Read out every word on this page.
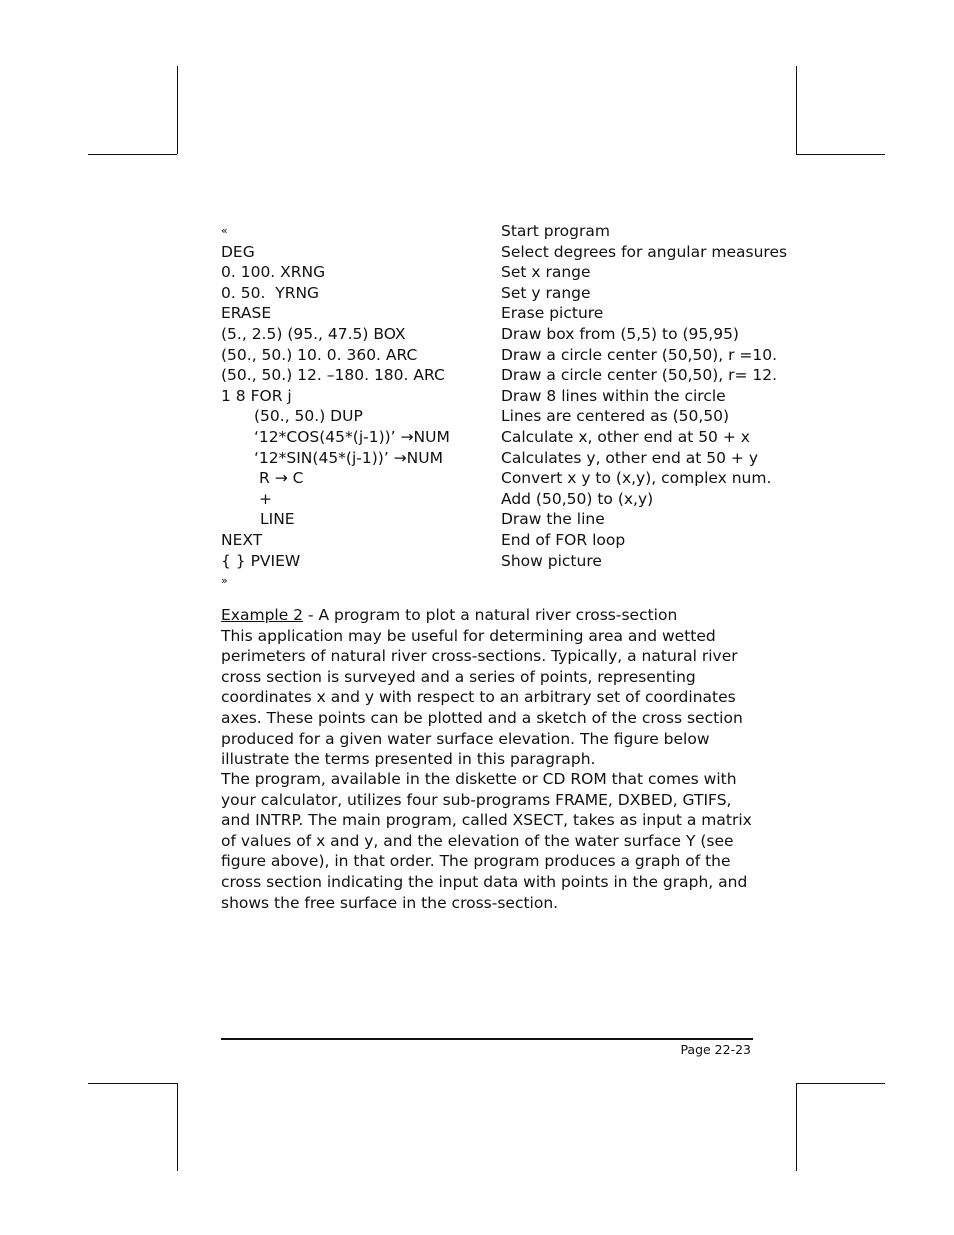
«	Start program
DEG	Select degrees for angular measures
0. 100. XRNG	Set x range
0. 50.  YRNG	Set y range
ERASE	Erase picture
(5., 2.5) (95., 47.5) BOX	Draw box from (5,5) to (95,95)
(50., 50.) 10. 0. 360. ARC	Draw a circle center (50,50), r =10.
(50., 50.) 12. –180. 180. ARC	Draw a circle center (50,50), r= 12.
1 8 FOR j	Draw 8 lines within the circle
(50., 50.) DUP	Lines are centered as (50,50)
‘12*COS(45*(j-1))’ →NUM	Calculate x, other end at 50 + x
‘12*SIN(45*(j-1))’ →NUM	Calculates y, other end at 50 + y
R → C	Convert x y to (x,y), complex num.
+	Add (50,50) to (x,y)
LINE	Draw the line
NEXT	End of FOR loop
{ } PVIEW	Show picture
»

Example 2 - A program to plot a natural river cross-section

This application may be useful for determining area and wetted perimeters of natural river cross-sections. Typically, a natural river cross section is surveyed and a series of points, representing coordinates x and y with respect to an arbitrary set of coordinates axes. These points can be plotted and a sketch of the cross section produced for a given water surface elevation. The figure below illustrate the terms presented in this paragraph.

The program, available in the diskette or CD ROM that comes with your calculator, utilizes four sub-programs FRAME, DXBED, GTIFS, and INTRP. The main program, called XSECT, takes as input a matrix of values of x and y, and the elevation of the water surface Y (see figure above), in that order. The program produces a graph of the cross section indicating the input data with points in the graph, and shows the free surface in the cross-section.

Page 22-23
